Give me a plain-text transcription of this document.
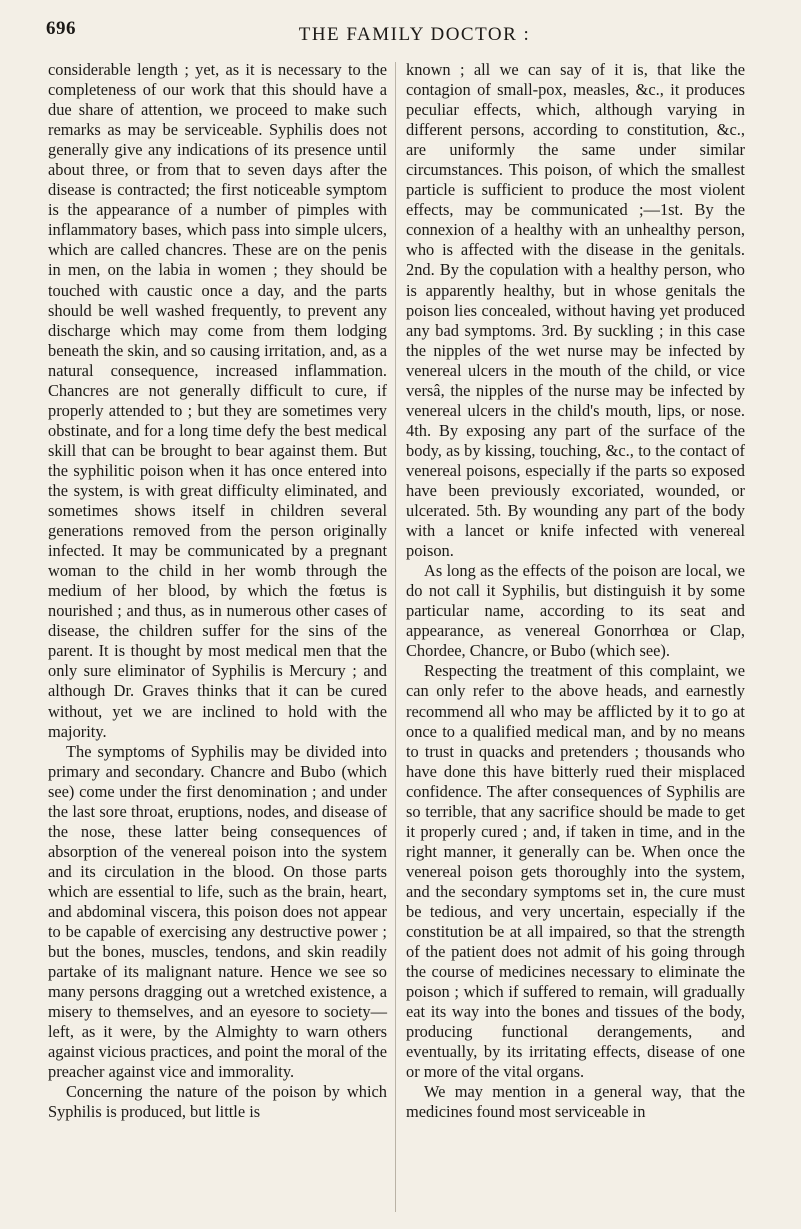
696	THE FAMILY DOCTOR :

considerable length ; yet, as it is necessary to the completeness of our work that this should have a due share of attention, we proceed to make such remarks as may be serviceable. Syphilis does not generally give any indications of its presence until about three, or from that to seven days after the disease is contracted; the first noticeable symptom is the appearance of a number of pimples with inflammatory bases, which pass into simple ulcers, which are called chancres. These are on the penis in men, on the labia in women ; they should be touched with caustic once a day, and the parts should be well washed frequently, to prevent any discharge which may come from them lodging beneath the skin, and so causing irritation, and, as a natural consequence, increased inflammation. Chancres are not generally difficult to cure, if properly attended to ; but they are sometimes very obstinate, and for a long time defy the best medical skill that can be brought to bear against them. But the syphilitic poison when it has once entered into the system, is with great difficulty eliminated, and sometimes shows itself in children several generations removed from the person originally infected. It may be communicated by a pregnant woman to the child in her womb through the medium of her blood, by which the fœtus is nourished ; and thus, as in numerous other cases of disease, the children suffer for the sins of the parent. It is thought by most medical men that the only sure eliminator of Syphilis is Mercury ; and although Dr. Graves thinks that it can be cured without, yet we are inclined to hold with the majority.

The symptoms of Syphilis may be divided into primary and secondary. Chancre and Bubo (which see) come under the first denomination ; and under the last sore throat, eruptions, nodes, and disease of the nose, these latter being consequences of absorption of the venereal poison into the system and its circulation in the blood. On those parts which are essential to life, such as the brain, heart, and abdominal viscera, this poison does not appear to be capable of exercising any destructive power ; but the bones, muscles, tendons, and skin readily partake of its malignant nature. Hence we see so many persons dragging out a wretched existence, a misery to themselves, and an eyesore to society—left, as it were, by the Almighty to warn others against vicious practices, and point the moral of the preacher against vice and immorality.

Concerning the nature of the poison by which Syphilis is produced, but little is

known ; all we can say of it is, that like the contagion of small-pox, measles, &c., it produces peculiar effects, which, although varying in different persons, according to constitution, &c., are uniformly the same under similar circumstances. This poison, of which the smallest particle is sufficient to produce the most violent effects, may be communicated ;—1st. By the connexion of a healthy with an unhealthy person, who is affected with the disease in the genitals. 2nd. By the copulation with a healthy person, who is apparently healthy, but in whose genitals the poison lies concealed, without having yet produced any bad symptoms. 3rd. By suckling ; in this case the nipples of the wet nurse may be infected by venereal ulcers in the mouth of the child, or vice versâ, the nipples of the nurse may be infected by venereal ulcers in the child's mouth, lips, or nose. 4th. By exposing any part of the surface of the body, as by kissing, touching, &c., to the contact of venereal poisons, especially if the parts so exposed have been previously excoriated, wounded, or ulcerated. 5th. By wounding any part of the body with a lancet or knife infected with venereal poison.

As long as the effects of the poison are local, we do not call it Syphilis, but distinguish it by some particular name, according to its seat and appearance, as venereal Gonorrhœa or Clap, Chordee, Chancre, or Bubo (which see).

Respecting the treatment of this complaint, we can only refer to the above heads, and earnestly recommend all who may be afflicted by it to go at once to a qualified medical man, and by no means to trust in quacks and pretenders ; thousands who have done this have bitterly rued their misplaced confidence. The after consequences of Syphilis are so terrible, that any sacrifice should be made to get it properly cured ; and, if taken in time, and in the right manner, it generally can be. When once the venereal poison gets thoroughly into the system, and the secondary symptoms set in, the cure must be tedious, and very uncertain, especially if the constitution be at all impaired, so that the strength of the patient does not admit of his going through the course of medicines necessary to eliminate the poison ; which if suffered to remain, will gradually eat its way into the bones and tissues of the body, producing functional derangements, and eventually, by its irritating effects, disease of one or more of the vital organs.

We may mention in a general way, that the medicines found most serviceable in
